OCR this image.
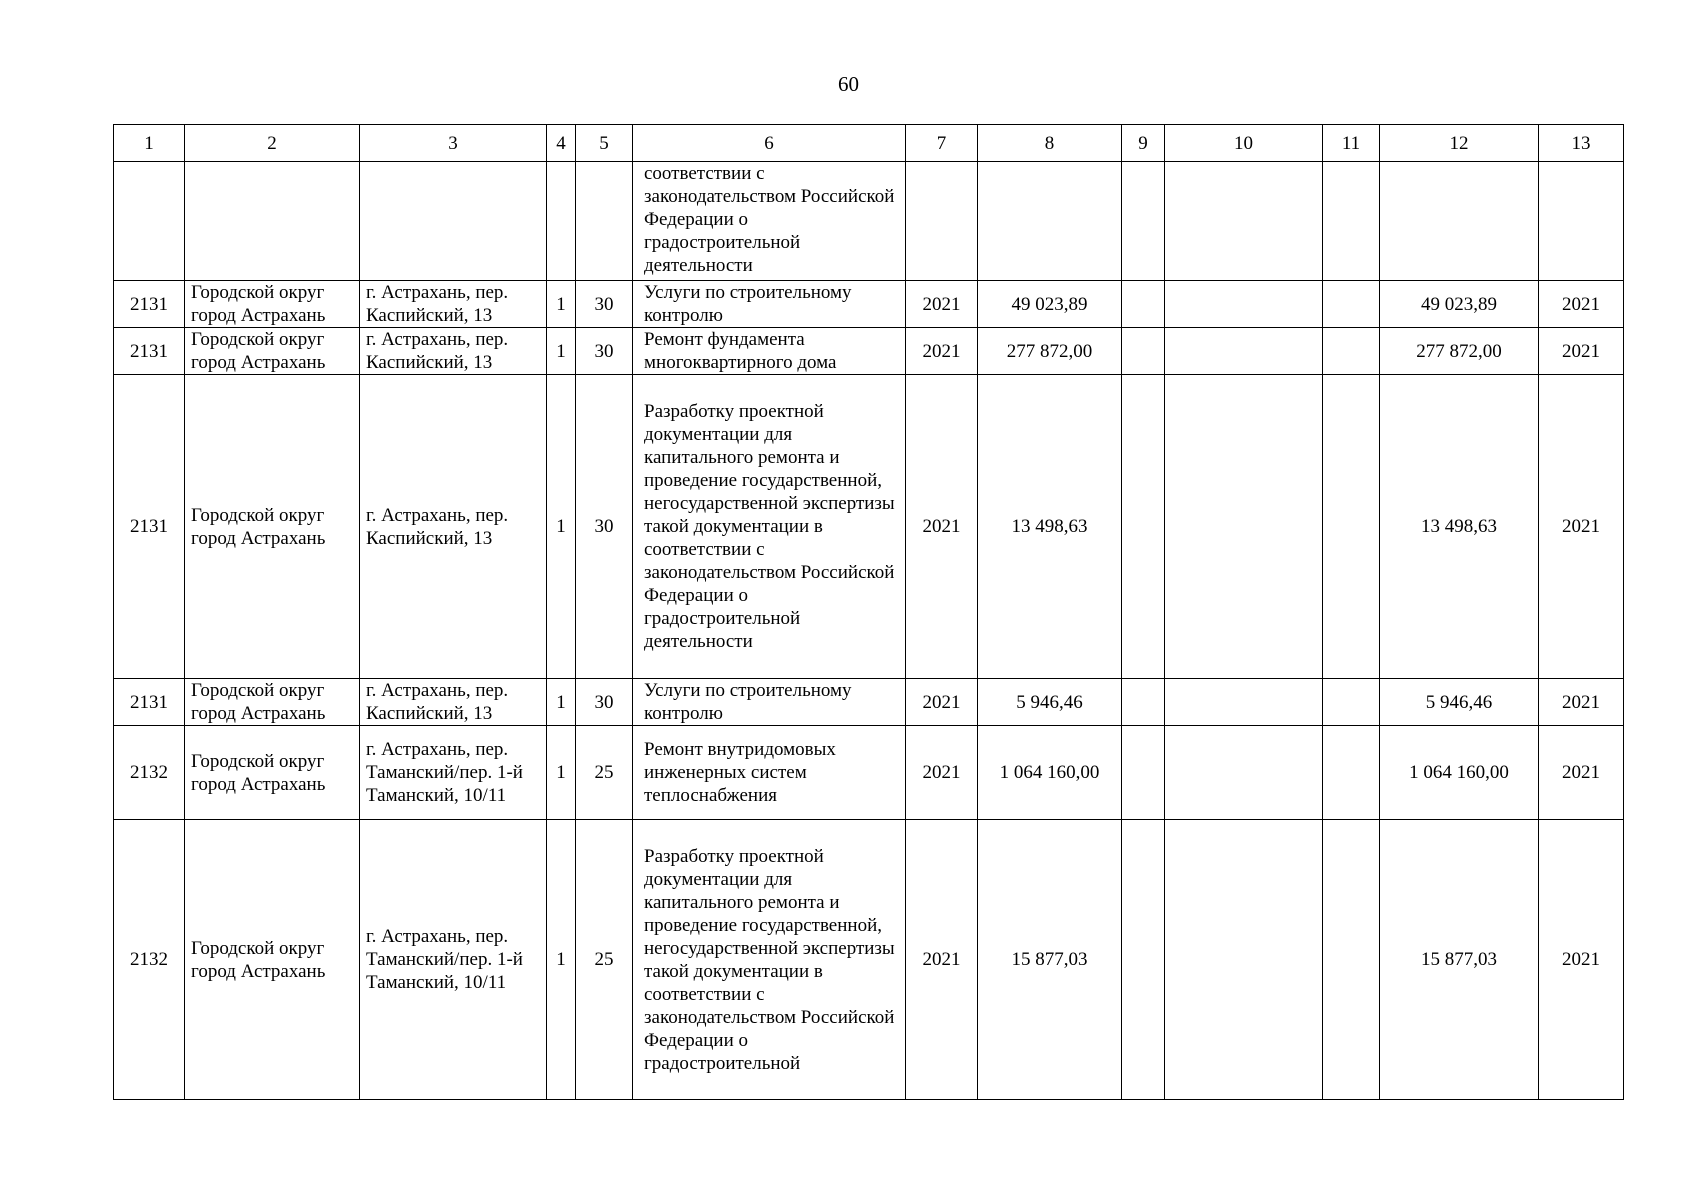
60
1	2	3	4	5	6	7	8	9	10	11	12	13
					соответствии с законодательством Российской Федерации о градостроительной деятельности							
2131	Городской округ город Астрахань	г. Астрахань, пер. Каспийский, 13	1	30	Услуги по строительному контролю	2021	49 023,89				49 023,89	2021
2131	Городской округ город Астрахань	г. Астрахань, пер. Каспийский, 13	1	30	Ремонт фундамента многоквартирного дома	2021	277 872,00				277 872,00	2021
2131	Городской округ город Астрахань	г. Астрахань, пер. Каспийский, 13	1	30	Разработку проектной документации для капитального ремонта и проведение государственной, негосударственной экспертизы такой документации в соответствии с законодательством Российской Федерации о градостроительной деятельности	2021	13 498,63				13 498,63	2021
2131	Городской округ город Астрахань	г. Астрахань, пер. Каспийский, 13	1	30	Услуги по строительному контролю	2021	5 946,46				5 946,46	2021
2132	Городской округ город Астрахань	г. Астрахань, пер. Таманский/пер. 1-й Таманский, 10/11	1	25	Ремонт внутридомовых инженерных систем теплоснабжения	2021	1 064 160,00				1 064 160,00	2021
2132	Городской округ город Астрахань	г. Астрахань, пер. Таманский/пер. 1-й Таманский, 10/11	1	25	Разработку проектной документации для капитального ремонта и проведение государственной, негосударственной экспертизы такой документации в соответствии с законодательством Российской Федерации о градостроительной	2021	15 877,03				15 877,03	2021
